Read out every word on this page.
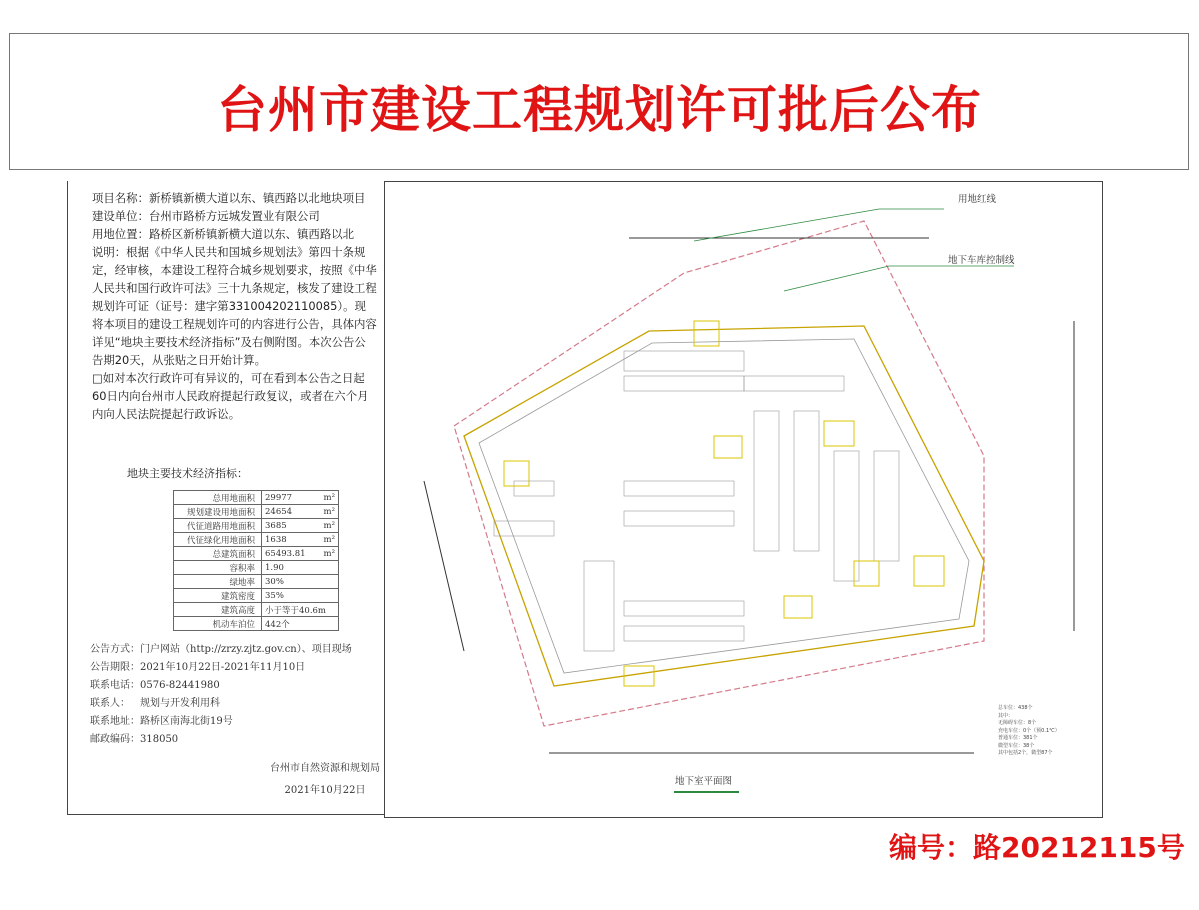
台州市建设工程规划许可批后公布

项目名称：新桥镇新横大道以东、镇西路以北地块项目

建设单位：台州市路桥方远城发置业有限公司

用地位置：路桥区新桥镇新横大道以东、镇西路以北

说明：根据《中华人民共和国城乡规划法》第四十条规定，经审核，本建设工程符合城乡规划要求，按照《中华人民共和国行政许可法》三十九条规定，核发了建设工程规划许可证（证号：建字第331004202110085）。现将本项目的建设工程规划许可的内容进行公告，具体内容详见“地块主要技术经济指标”及右侧附图。本次公告公告期20天，从张贴之日开始计算。

□如对本次行政许可有异议的，可在看到本公告之日起60日内向台州市人民政府提起行政复议，或者在六个月内向人民法院提起行政诉讼。

地块主要技术经济指标：
总用地面积	29977 m²

规划建设用地面积	24654 m²

代征道路用地面积	3685 m²

代征绿化用地面积	1638 m²

总建筑面积	65493.81 m²

容积率	1.90

绿地率	30%

建筑密度	35%

建筑高度	小于等于40.6m

机动车泊位	442个
公告方式：门户网站（http://zrzy.zjtz.gov.cn）、项目现场
公告期限：2021年10月22日-2021年11月10日
联系电话：0576-82441980
联系人： 规划与开发利用科
联系地址：路桥区南海北街19号
邮政编码：318050
台州市自然资源和规划局
2021年10月22日
用地红线
地下车库控制线
地下室平面图
总车位：438个
其中：
无障碍车位：8个
充电车位：0个（预0.1℃）
普通车位：381个
微型车位：38个
其中包括2个，微型87个
编号：路20212115号
